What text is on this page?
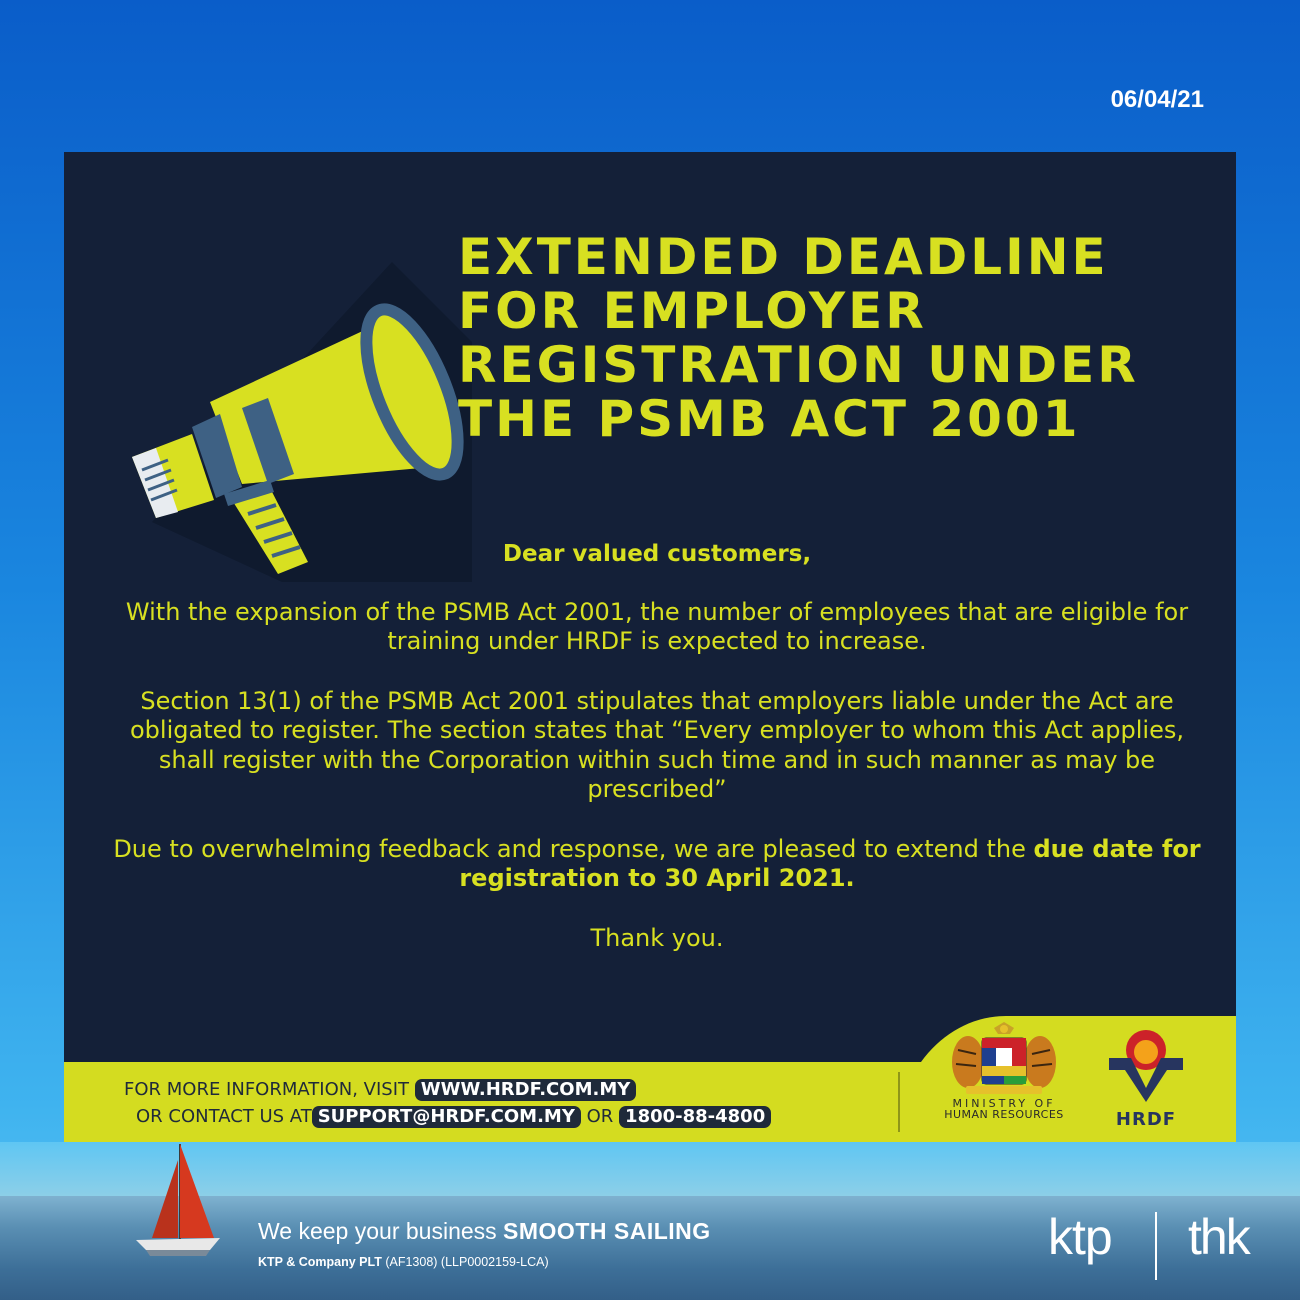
06/04/21
EXTENDED DEADLINE
FOR EMPLOYER
REGISTRATION UNDER
THE PSMB ACT 2001
Dear valued customers,
With the expansion of the PSMB Act 2001, the number of employees that are eligible for training under HRDF is expected to increase.
Section 13(1) of the PSMB Act 2001 stipulates that employers liable under the Act are obligated to register. The section states that “Every employer to whom this Act applies, shall register with the Corporation within such time and in such manner as may be prescribed”
Due to overwhelming feedback and response, we are pleased to extend the due date for registration to 30 April 2021.
Thank you.
FOR MORE INFORMATION, VISIT WWW.HRDF.COM.MY
OR CONTACT US AT SUPPORT@HRDF.COM.MY OR 1800-88-4800
MINISTRY OF
HUMAN RESOURCES	HRDF
We keep your business SMOOTH SAILING
KTP & Company PLT (AF1308) (LLP0002159-LCA)	ktp thk
